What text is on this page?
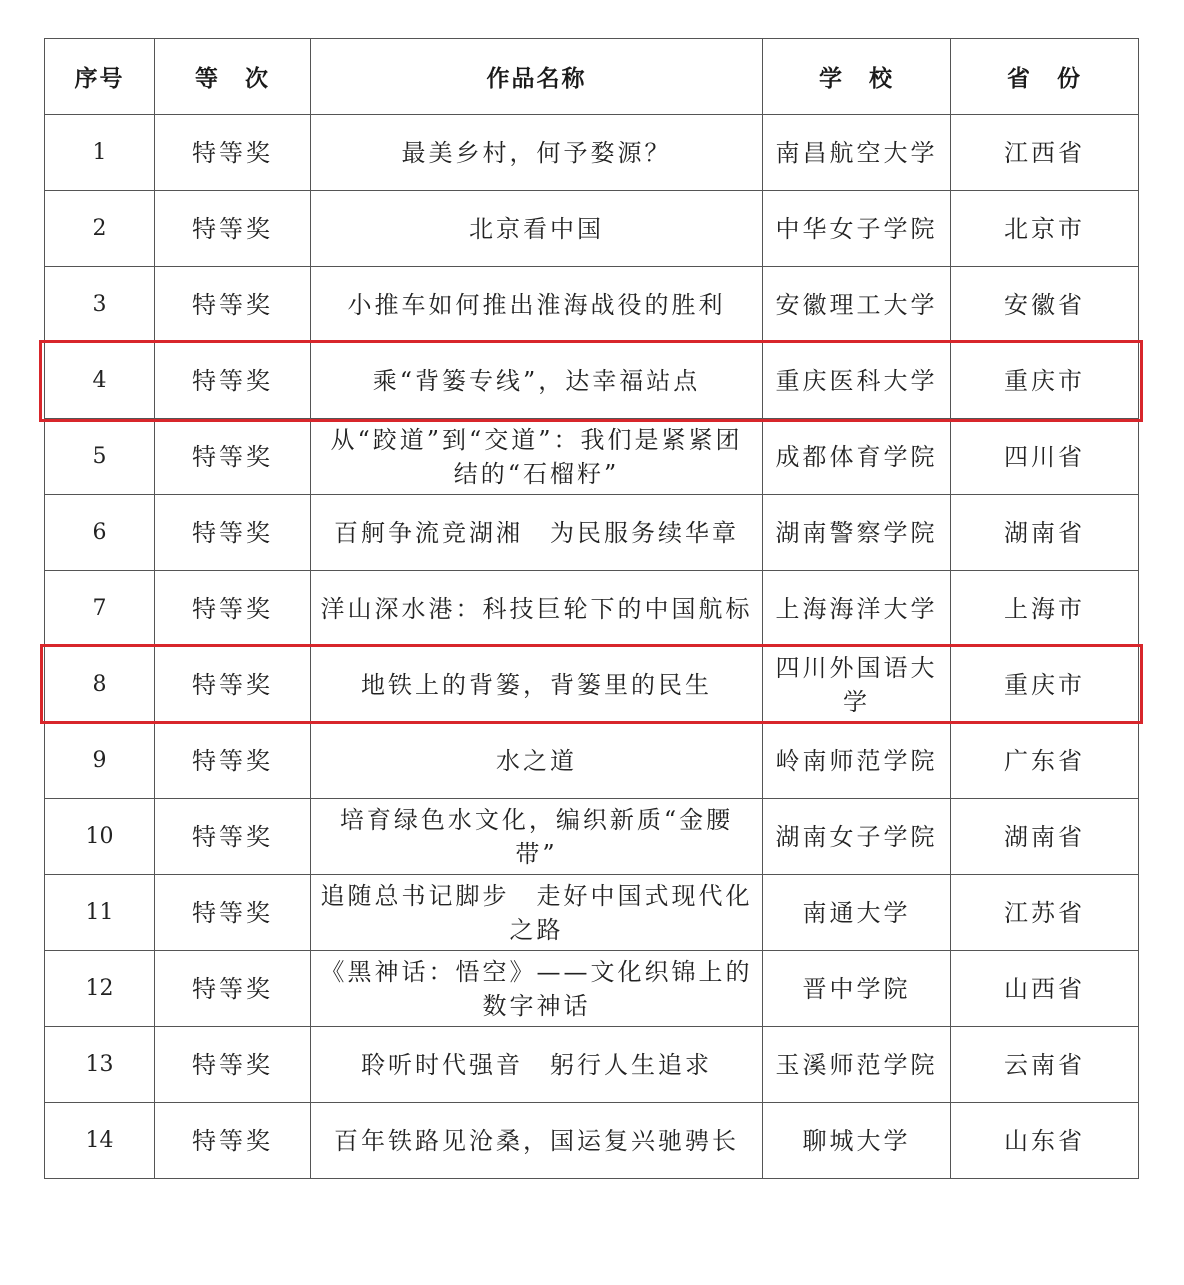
序号	等　次	作品名称	学　校	省　份
1	特等奖	最美乡村，何予婺源？	南昌航空大学	江西省
2	特等奖	北京看中国	中华女子学院	北京市
3	特等奖	小推车如何推出淮海战役的胜利	安徽理工大学	安徽省
4	特等奖	乘“背篓专线”，达幸福站点	重庆医科大学	重庆市
5	特等奖	从“跤道”到“交道”：我们是紧紧团结的“石榴籽”	成都体育学院	四川省
6	特等奖	百舸争流竞湖湘　为民服务续华章	湖南警察学院	湖南省
7	特等奖	洋山深水港：科技巨轮下的中国航标	上海海洋大学	上海市
8	特等奖	地铁上的背篓，背篓里的民生	四川外国语大学	重庆市
9	特等奖	水之道	岭南师范学院	广东省
10	特等奖	培育绿色水文化，编织新质“金腰带”	湖南女子学院	湖南省
11	特等奖	追随总书记脚步　走好中国式现代化之路	南通大学	江苏省
12	特等奖	《黑神话：悟空》——文化织锦上的数字神话	晋中学院	山西省
13	特等奖	聆听时代强音　躬行人生追求	玉溪师范学院	云南省
14	特等奖	百年铁路见沧桑，国运复兴驰骋长	聊城大学	山东省
